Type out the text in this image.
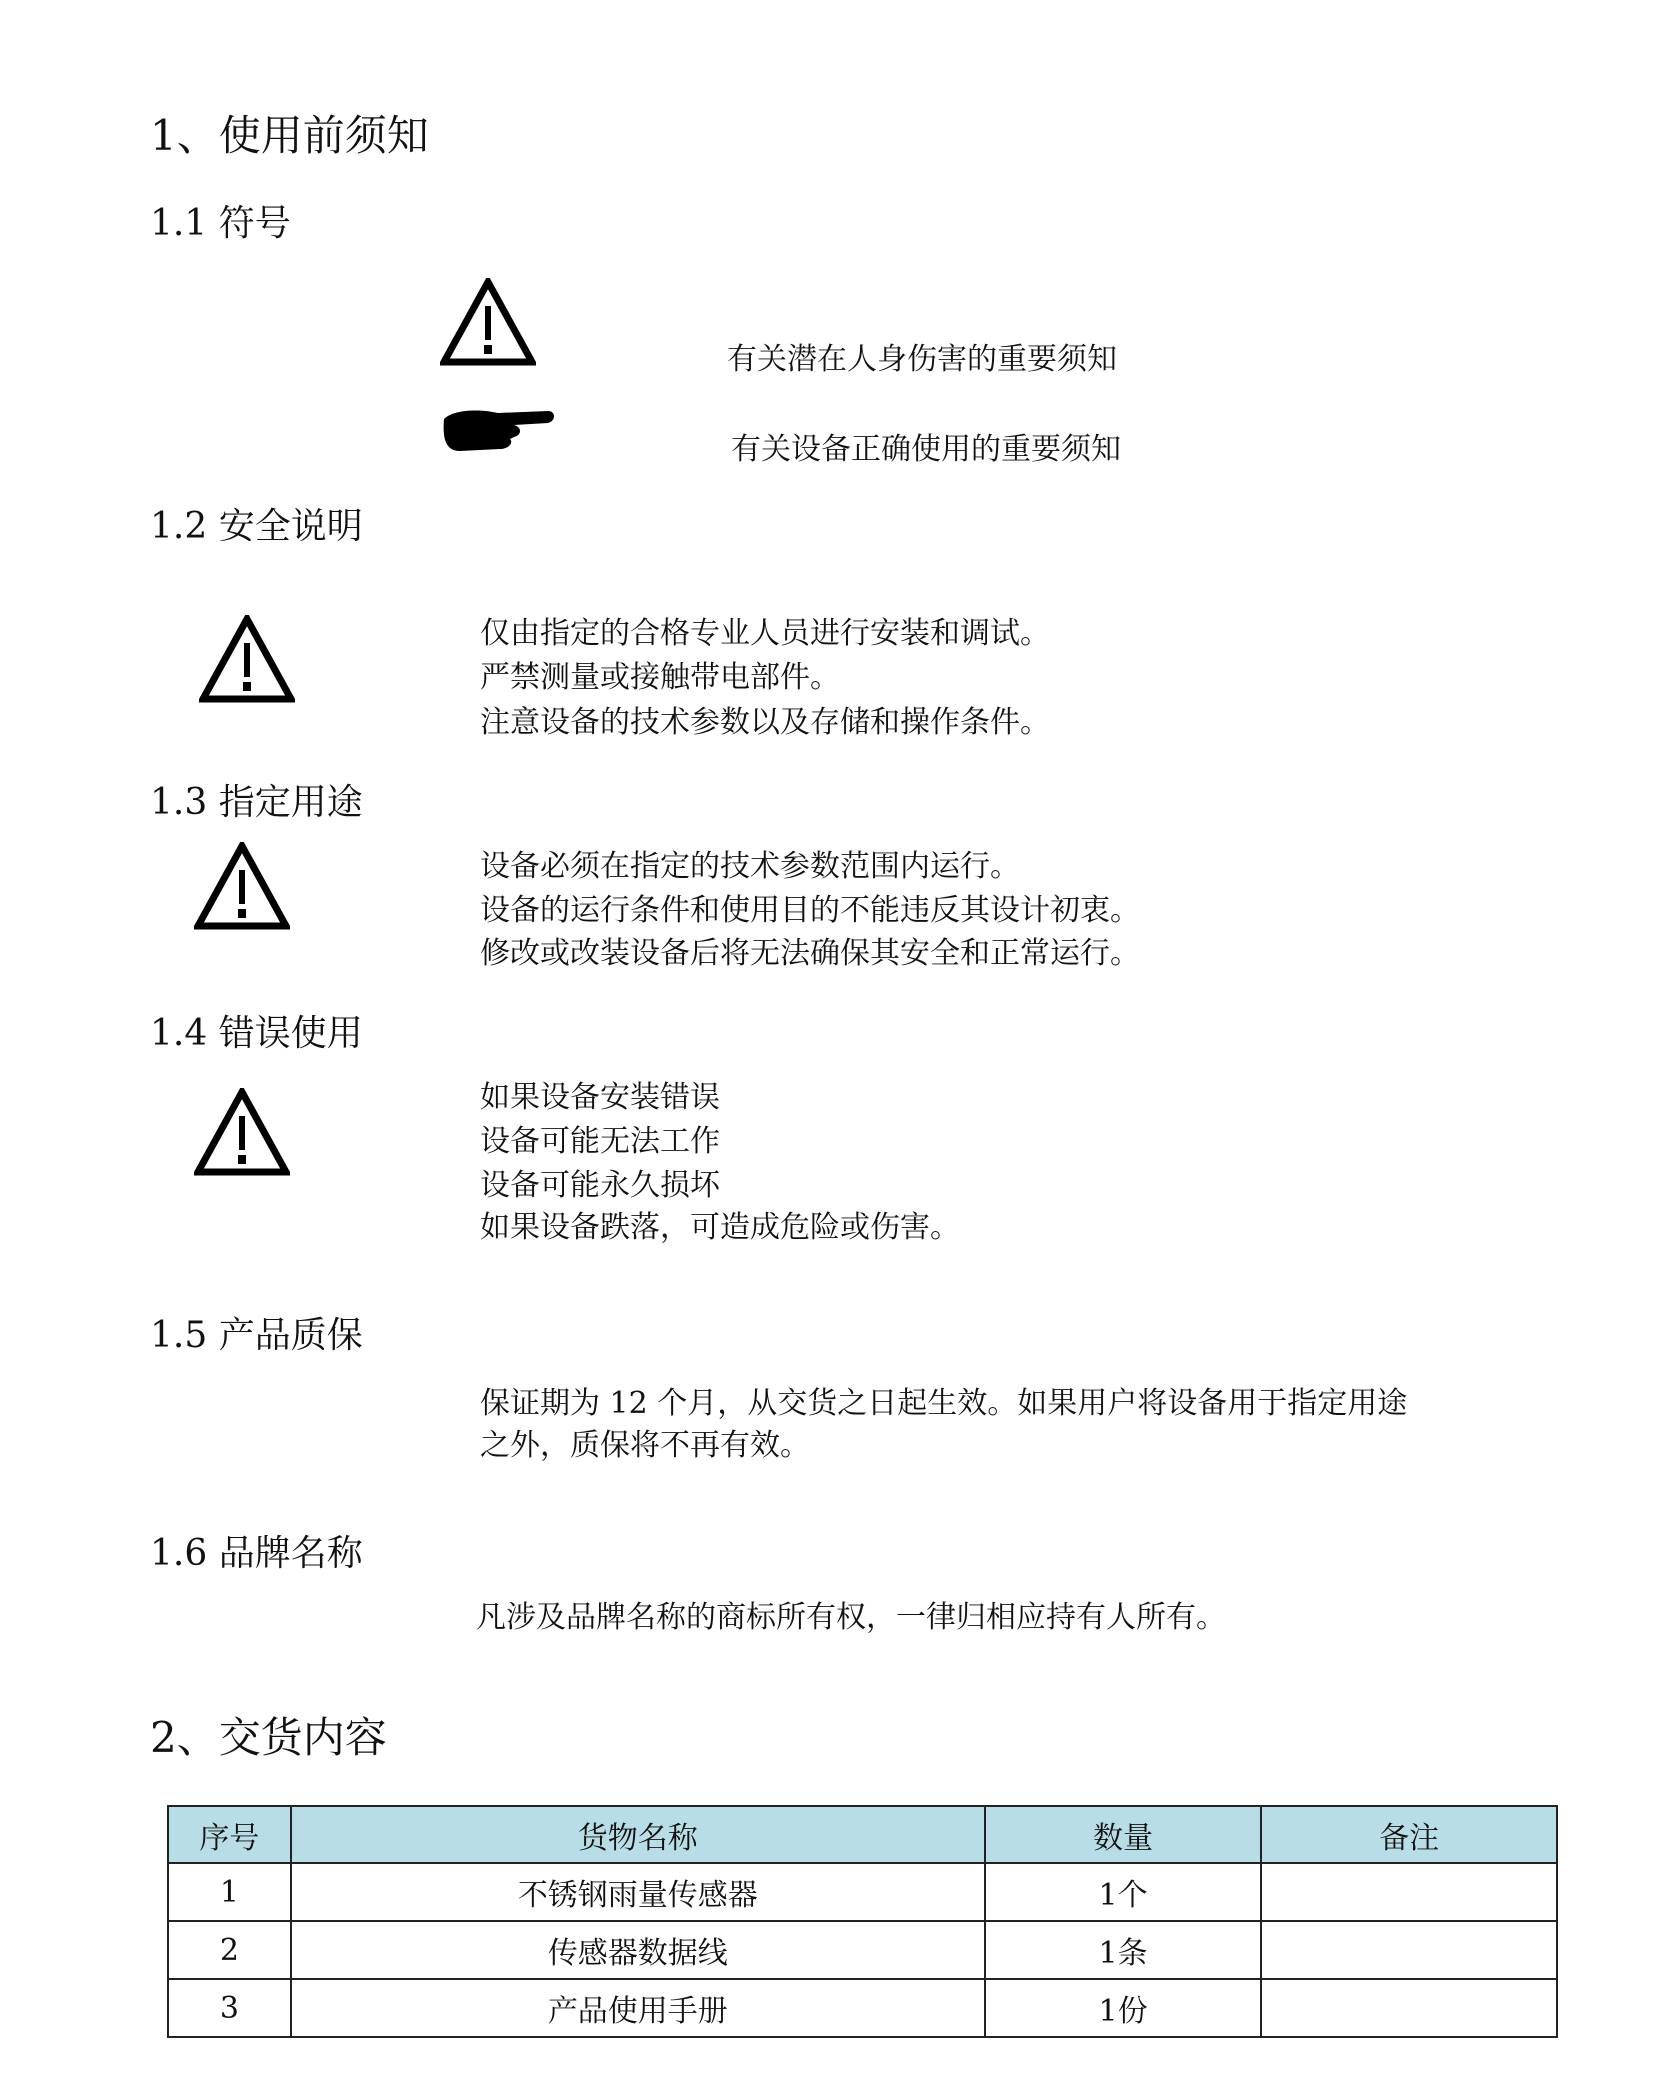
1、使用前须知
1.1 符号
有关潜在人身伤害的重要须知
有关设备正确使用的重要须知
1.2 安全说明
仅由指定的合格专业人员进行安装和调试。
严禁测量或接触带电部件。
注意设备的技术参数以及存储和操作条件。
1.3 指定用途
设备必须在指定的技术参数范围内运行。
设备的运行条件和使用目的不能违反其设计初衷。
修改或改装设备后将无法确保其安全和正常运行。
1.4 错误使用
如果设备安装错误
设备可能无法工作
设备可能永久损坏
如果设备跌落，可造成危险或伤害。
1.5 产品质保
保证期为 12 个月，从交货之日起生效。如果用户将设备用于指定用途
之外，质保将不再有效。
1.6 品牌名称
凡涉及品牌名称的商标所有权，一律归相应持有人所有。
2、交货内容
序号	货物名称	数量	备注
1	不锈钢雨量传感器	1个	
2	传感器数据线	1条	
3	产品使用手册	1份	
